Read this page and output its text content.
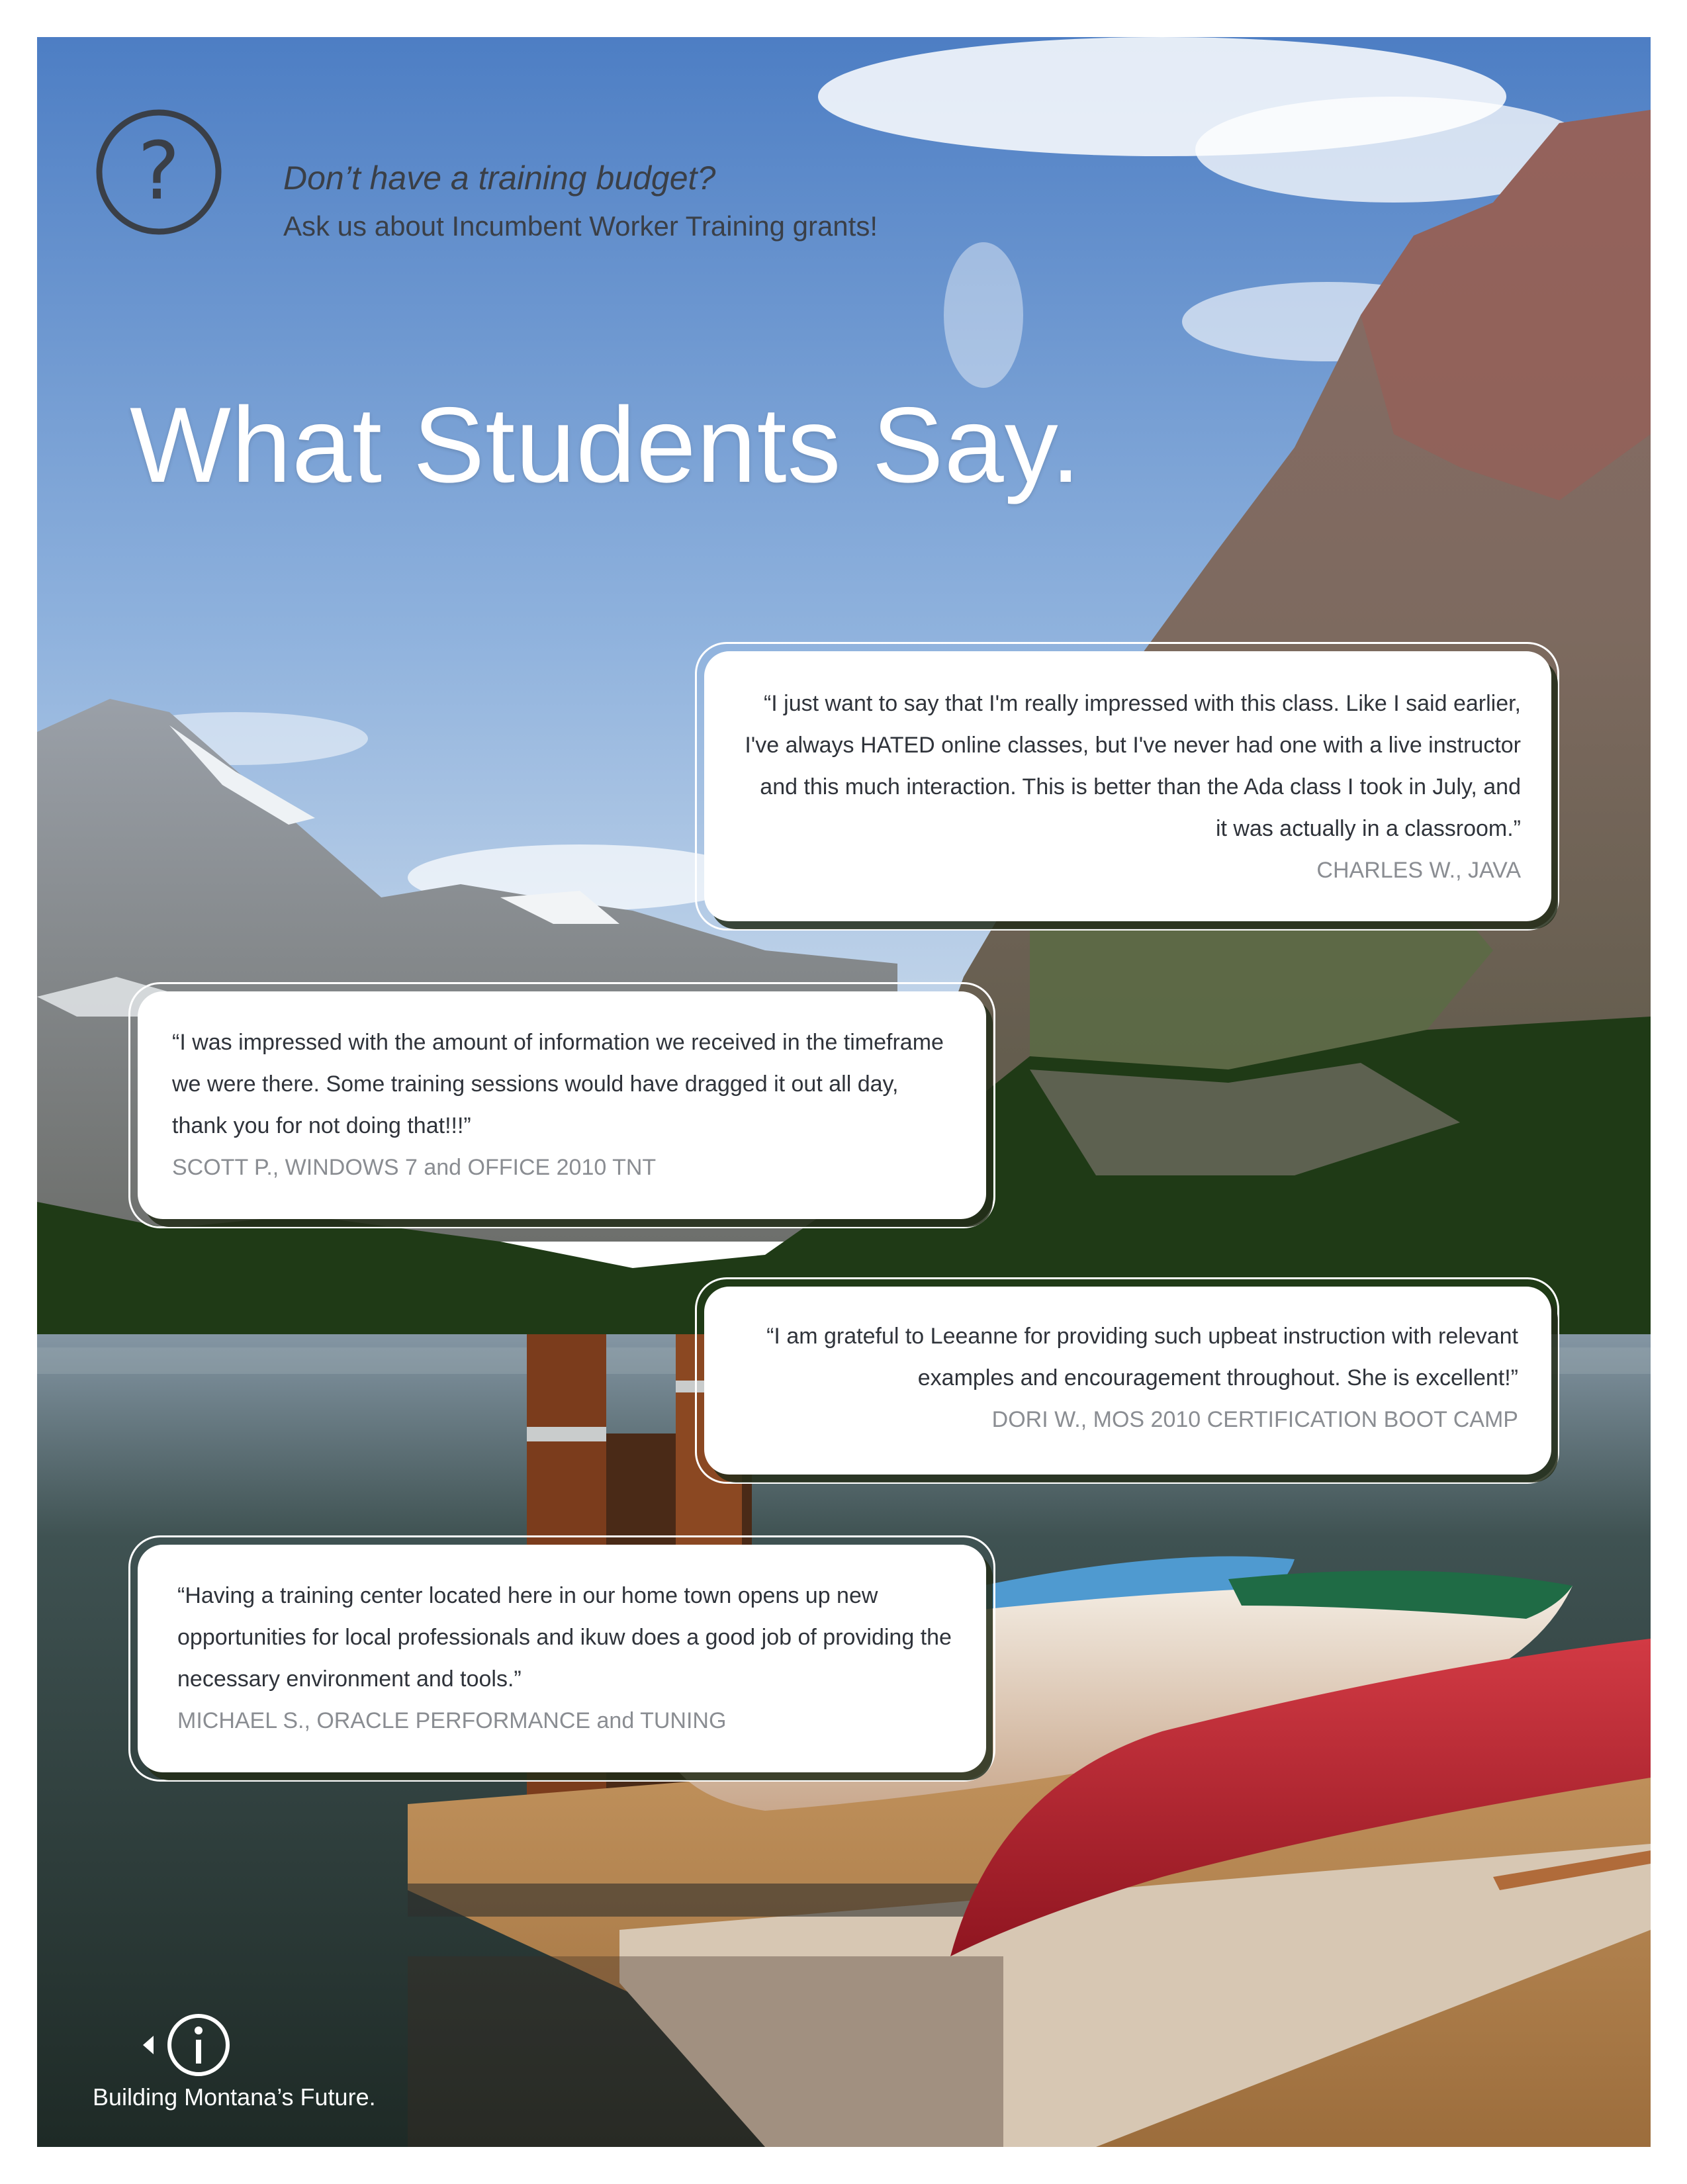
?	Don’t have a training budget?
Ask us about Incumbent Worker Training grants!
What Students Say.

“I just want to say that I'm really impressed with this class. Like I said earlier, I've always HATED online classes, but I've never had one with a live instructor and this much interaction. This is better than the Ada class I took in July, and it was actually in a classroom.”

CHARLES W., JAVA

“I was impressed with the amount of information we received in the timeframe we were there. Some training sessions would have dragged it out all day, thank you for not doing that!!!”

SCOTT P., WINDOWS 7 and OFFICE 2010 TNT

“I am grateful to Leeanne for providing such upbeat instruction with relevant examples and encouragement throughout. She is excellent!”

DORI W., MOS 2010 CERTIFICATION BOOT CAMP

“Having a training center located here in our home town opens up new opportunities for local professionals and ikuw does a good job of providing the necessary environment and tools.”

MICHAEL S., ORACLE PERFORMANCE and TUNING

Building Montana’s Future.
